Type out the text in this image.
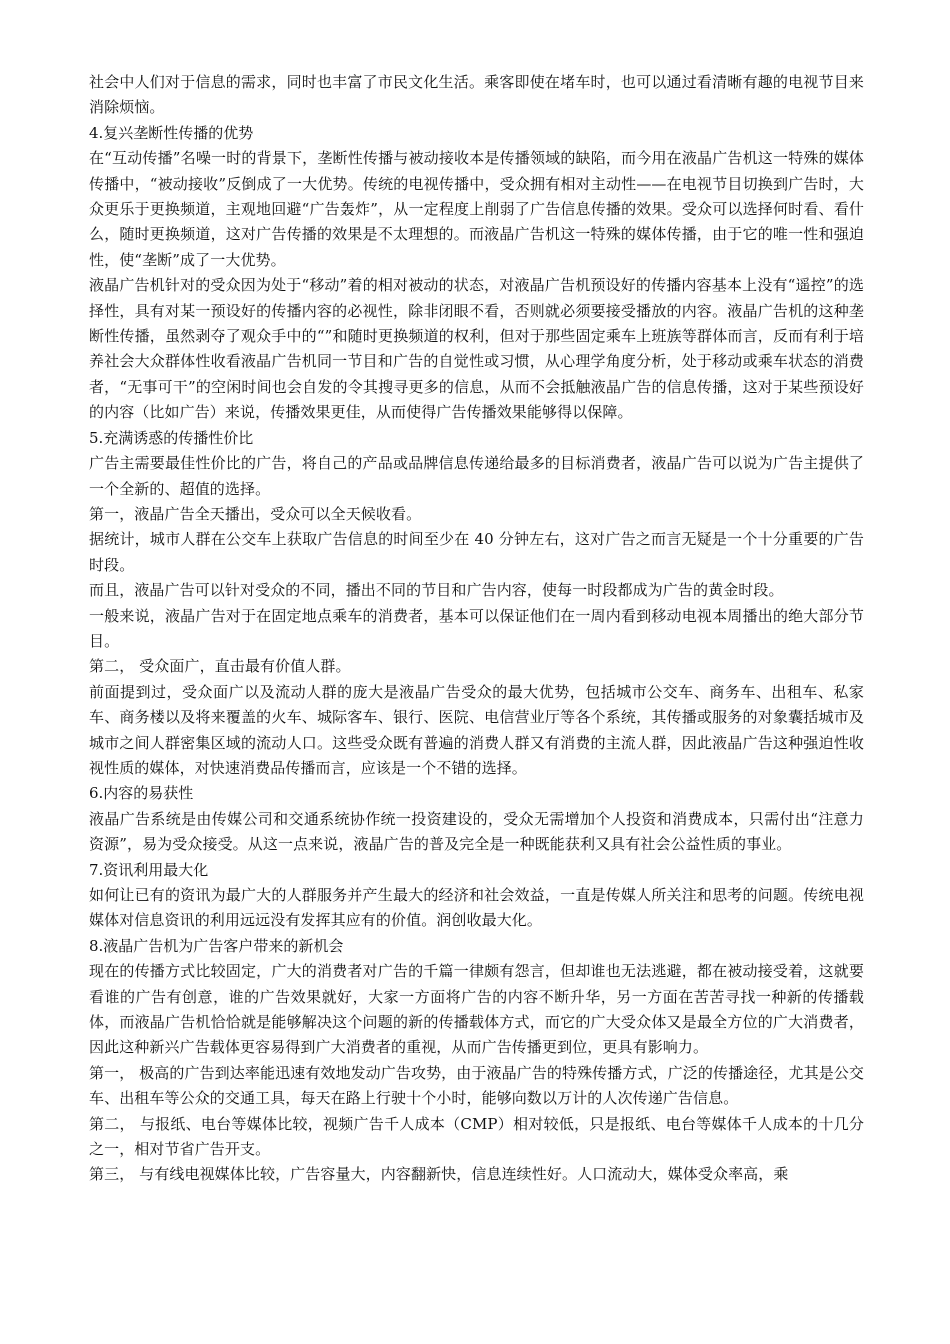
社会中人们对于信息的需求，同时也丰富了市民文化生活。乘客即使在堵车时，也可以通过看清晰有趣的电视节目来消除烦恼。

4.复兴垄断性传播的优势

在“互动传播”名噪一时的背景下，垄断性传播与被动接收本是传播领域的缺陷，而今用在液晶广告机这一特殊的媒体传播中，“被动接收”反倒成了一大优势。传统的电视传播中，受众拥有相对主动性——在电视节目切换到广告时，大众更乐于更换频道，主观地回避“广告轰炸”，从一定程度上削弱了广告信息传播的效果。受众可以选择何时看、看什么，随时更换频道，这对广告传播的效果是不太理想的。而液晶广告机这一特殊的媒体传播，由于它的唯一性和强迫性，使“垄断”成了一大优势。

液晶广告机针对的受众因为处于“移动”着的相对被动的状态，对液晶广告机预设好的传播内容基本上没有“遥控”的选择性，具有对某一预设好的传播内容的必视性，除非闭眼不看，否则就必须要接受播放的内容。液晶广告机的这种垄断性传播，虽然剥夺了观众手中的“”和随时更换频道的权利，但对于那些固定乘车上班族等群体而言，反而有利于培养社会大众群体性收看液晶广告机同一节目和广告的自觉性或习惯，从心理学角度分析，处于移动或乘车状态的消费者，“无事可干”的空闲时间也会自发的令其搜寻更多的信息，从而不会抵触液晶广告的信息传播，这对于某些预设好的内容（比如广告）来说，传播效果更佳，从而使得广告传播效果能够得以保障。

5.充满诱惑的传播性价比

广告主需要最佳性价比的广告，将自己的产品或品牌信息传递给最多的目标消费者，液晶广告可以说为广告主提供了一个全新的、超值的选择。

第一，液晶广告全天播出，受众可以全天候收看。

据统计，城市人群在公交车上获取广告信息的时间至少在 40 分钟左右，这对广告之而言无疑是一个十分重要的广告时段。

而且，液晶广告可以针对受众的不同，播出不同的节目和广告内容，使每一时段都成为广告的黄金时段。

一般来说，液晶广告对于在固定地点乘车的消费者，基本可以保证他们在一周内看到移动电视本周播出的绝大部分节目。

第二， 受众面广，直击最有价值人群。

前面提到过，受众面广以及流动人群的庞大是液晶广告受众的最大优势，包括城市公交车、商务车、出租车、私家车、商务楼以及将来覆盖的火车、城际客车、银行、医院、电信营业厅等各个系统，其传播或服务的对象囊括城市及城市之间人群密集区域的流动人口。这些受众既有普遍的消费人群又有消费的主流人群，因此液晶广告这种强迫性收视性质的媒体，对快速消费品传播而言，应该是一个不错的选择。

6.内容的易获性

液晶广告系统是由传媒公司和交通系统协作统一投资建设的，受众无需增加个人投资和消费成本，只需付出“注意力资源”，易为受众接受。从这一点来说，液晶广告的普及完全是一种既能获利又具有社会公益性质的事业。

7.资讯利用最大化

如何让已有的资讯为最广大的人群服务并产生最大的经济和社会效益，一直是传媒人所关注和思考的问题。传统电视媒体对信息资讯的利用远远没有发挥其应有的价值。润创收最大化。

8.液晶广告机为广告客户带来的新机会

现在的传播方式比较固定，广大的消费者对广告的千篇一律颇有怨言，但却谁也无法逃避，都在被动接受着，这就要看谁的广告有创意，谁的广告效果就好，大家一方面将广告的内容不断升华，另一方面在苦苦寻找一种新的传播载体，而液晶广告机恰恰就是能够解决这个问题的新的传播载体方式，而它的广大受众体又是最全方位的广大消费者，因此这种新兴广告载体更容易得到广大消费者的重视，从而广告传播更到位，更具有影响力。

第一， 极高的广告到达率能迅速有效地发动广告攻势，由于液晶广告的特殊传播方式，广泛的传播途径，尤其是公交车、出租车等公众的交通工具，每天在路上行驶十个小时，能够向数以万计的人次传递广告信息。

第二， 与报纸、电台等媒体比较，视频广告千人成本（CMP）相对较低，只是报纸、电台等媒体千人成本的十几分之一，相对节省广告开支。

第三， 与有线电视媒体比较，广告容量大，内容翻新快，信息连续性好。人口流动大，媒体受众率高，乘
